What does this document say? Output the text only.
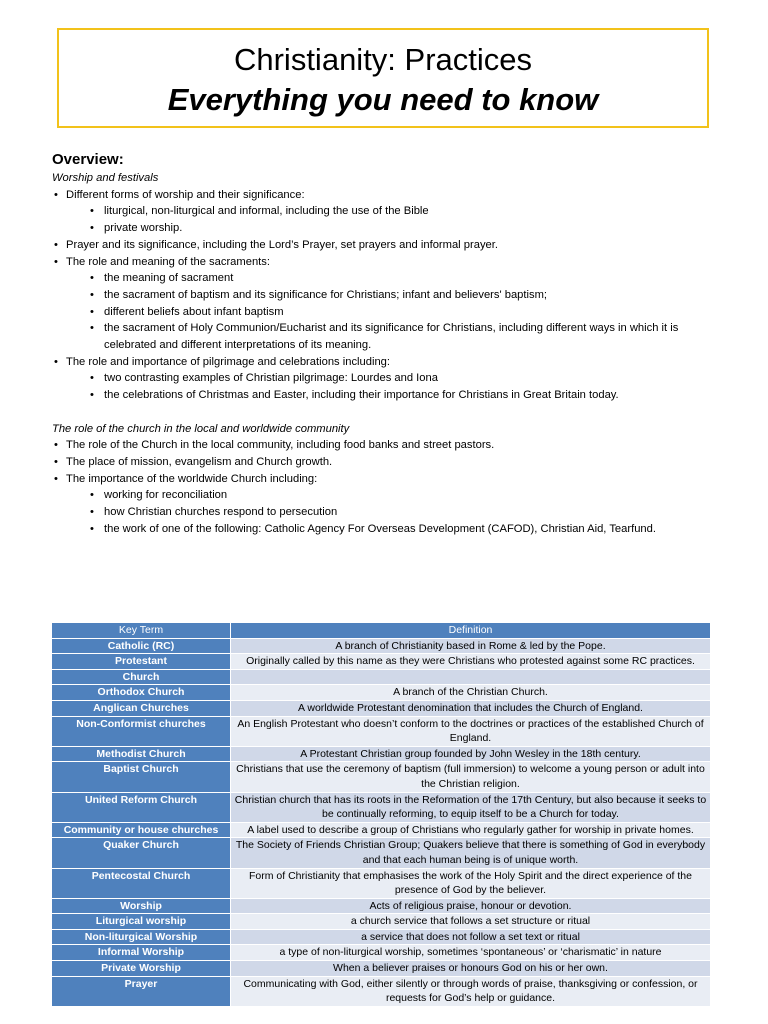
Christianity: Practices
Everything you need to know
Overview:
Worship and festivals
• Different forms of worship and their significance:
• liturgical, non-liturgical and informal, including the use of the Bible
• private worship.
• Prayer and its significance, including the Lord’s Prayer, set prayers and informal prayer.
• The role and meaning of the sacraments:
• the meaning of sacrament
• the sacrament of baptism and its significance for Christians; infant and believers' baptism;
• different beliefs about infant baptism
• the sacrament of Holy Communion/Eucharist and its significance for Christians, including different ways in which it is celebrated and different interpretations of its meaning.
• The role and importance of pilgrimage and celebrations including:
• two contrasting examples of Christian pilgrimage: Lourdes and Iona
• the celebrations of Christmas and Easter, including their importance for Christians in Great Britain today.
The role of the church in the local and worldwide community
• The role of the Church in the local community, including food banks and street pastors.
• The place of mission, evangelism and Church growth.
• The importance of the worldwide Church including:
• working for reconciliation
• how Christian churches respond to persecution
• the work of one of the following: Catholic Agency For Overseas Development (CAFOD), Christian Aid, Tearfund.
Key Term	Definition
Catholic (RC)	A branch of Christianity based in Rome & led by the Pope.
Protestant	Originally called by this name as they were Christians who protested against some RC practices.
Church	
Orthodox Church	A branch of the Christian Church.
Anglican Churches	A worldwide Protestant denomination that includes the Church of England.
Non-Conformist churches	An English Protestant who doesn’t conform to the doctrines or practices of the established Church of England.
Methodist Church	A Protestant Christian group founded by John Wesley in the 18th century.
Baptist Church	Christians that use the ceremony of baptism (full immersion) to welcome a young person or adult into the Christian religion.
United Reform Church	Christian church that has its roots in the Reformation of the 17th Century, but also because it seeks to be continually reforming, to equip itself to be a Church for today.
Community or house churches	A label used to describe a group of Christians who regularly gather for worship in private homes.
Quaker Church	The Society of Friends Christian Group; Quakers believe that there is something of God in everybody and that each human being is of unique worth.
Pentecostal Church	Form of Christianity that emphasises the work of the Holy Spirit and the direct experience of the presence of God by the believer.
Worship	Acts of religious praise, honour or devotion.
Liturgical worship	a church service that follows a set structure or ritual
Non-liturgical Worship	a service that does not follow a set text or ritual
Informal Worship	a type of non-liturgical worship, sometimes ‘spontaneous’ or ‘charismatic’ in nature
Private Worship	When a believer praises or honours God on his or her own.
Prayer	Communicating with God, either silently or through words of praise, thanksgiving or confession, or requests for God’s help or guidance.
